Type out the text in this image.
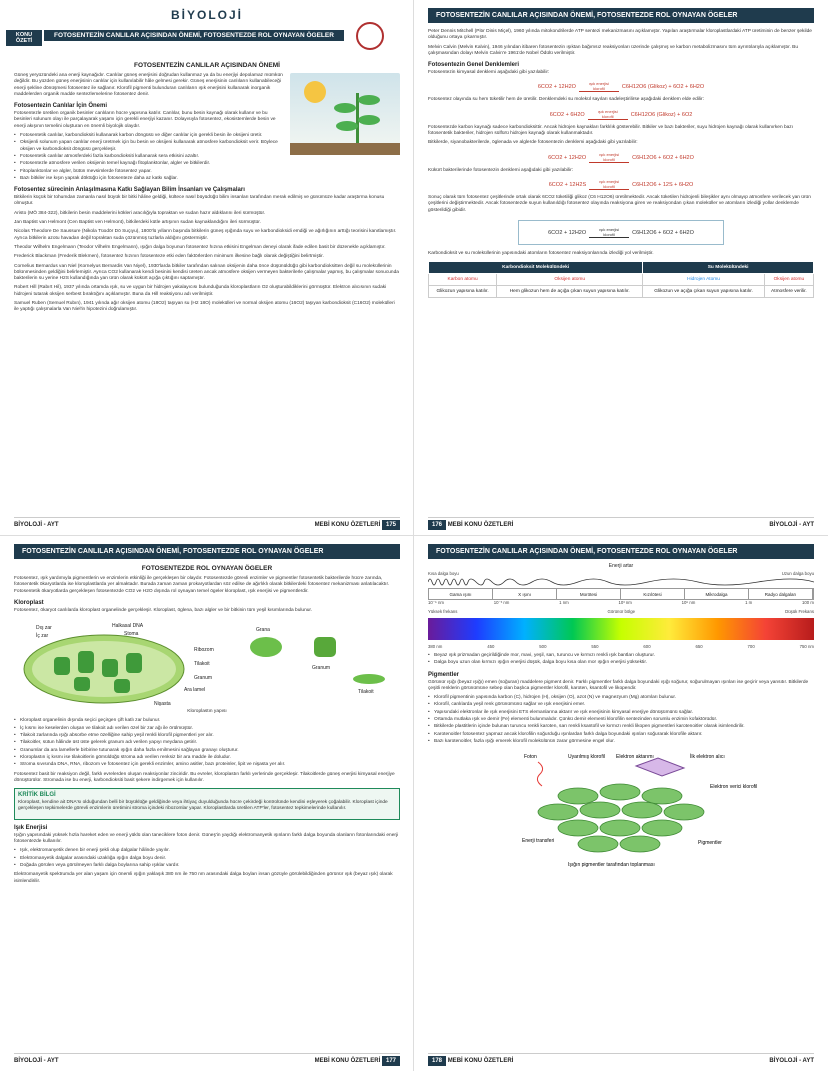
BİYOLOJİ
KONU ÖZETİ
FOTOSENTEZİN CANLILAR AÇISINDAN ÖNEMİ, FOTOSENTEZDE ROL OYNAYAN ÖGELER
FOTOSENTEZİN CANLILAR AÇISINDAN ÖNEMİ

Güneş yeryüzündeki ana enerji kaynağıdır. Canlılar güneş enerjisini doğrudan kullanmaz ya da bu enerjiyi depolamaz mümkün değildir. Bu yüzden güneş enerjisinin canlılar için kullanılabilir hâle gelmesi gerekir. Güneş enerjisinin canlıların kullanabileceği enerji şekline dönüşmesi fotosentez ile sağlanır. Klorofil pigmenti bulunduran canlıların ışık enerjisini kullanarak inorganik maddelerden organik madde sentezlemelerine fotosentez denir.

Fotosentezin Canlılar İçin Önemi

Fotosentezle üretilen organik besinler canlıların hücre yapısına katılır. Canlılar, bunu besin kaynağı olarak kullanır ve bu besinleri solunum olayı ile parçalayarak yaşamı için gerekli enerjiyi kazanır. Dolayısıyla fotosentez, ekosistemlerde besin ve enerji akışının temelini oluşturan en önemli biyolojik olaydır.

• Fotosentetik canlılar, karbondioksiti kullanarak karbon döngüsü ve diğer canlılar için gerekli besin ile oksijeni üretir.
• Oksijenli solunum yapan canlılar enerji üretmek için bu besin ve oksijeni kullanarak atmosfere karbondioksit verir. Böylece oksijen ve karbondioksit döngüsü gerçekleşir.
• Fotosentetik canlılar atmosferdeki fazla karbondioksiti kullanarak sera etkisini azaltır.
• Fotosentezle atmosfere verilen oksijenin temel kaynağı fitoplanktonlar, algler ve bitkilerdir.
• Fitoplanktonlar ve algler, bütün mevsimlerde fotosentez yapar.
• Bazı bitkiler ise kışın yaprak döktüğü için fotosenteze daha az katkı sağlar.
Fotosentez sürecinin Anlaşılmasına Katkı Sağlayan Bilim İnsanları ve Çalışmaları

Bitkilerin küçük bir tohumdan zamanla nasıl büyük bir bitki hâline geldiği, kültece nasıl büyüdüğü bilim insanları tarafından merak edilmiş ve günümüze kadar araştırma konusu olmuştur.

Aristo (MÖ 384-322), bitkilerin besin maddelerini kökleri aracılığıyla topraktan ve sudan hazır aldıklarını ileri sürmüştür.

Jan Baptist van Helmont (Cen Baptist ven Helmont), bitkilerdeki kütle artışının sudan kaynaklandığını ileri sürmüştür.

Nicolas Theodore De Saussure (Nikola Tüodör Dö Suçıyu), 1800'lü yılların başında bitkilerin güneş ışığında suyu ve karbondioksidi emdiği ve ağırlığının arttığı teorisini kanıtlamıştır. Ayrıca bitkilerin azotu havadan değil topraktan suda çözünmüş tuzlarla aldığını göstermiştir.

Theodor Wilhelm Engelmann (Teodor Vilhelm Engelmann), ışığın dalga boyunun fotosentez hızına etkisini Engelman deneyi olarak ifade edilen basit bir düzenekle açıklamıştır.

Frederick Blackman (Frederik Blekmen), fotosentez hızının fotosenteze etki eden faktörlerden minimum ilkesine bağlı olarak değiştiğini belirtmiştir.

Cornelius Bernardus van Niel (Kornelyus Bernardis Van Niyel), 1930'larda bitkiler tarafından salınan oksijenin daha önce düşünüldüğü gibi karbondioksitten değil su moleküllerinin bölünmesinden geldiğini belirlemiştir. Ayrıca CO2 kullanarak kendi besinini kendisi üreten ancak atmosfere oksijen vermeyen bakterilerle çalışmalar yapmış, bu çalışmalar sonucunda bakterilerin su yerine H2S kullandığında yan ürün olarak kükürt açığa çıktığını saptamıştır.

Robert Hill (Rabırt Hil), 1937 yılında ortamda ışık, su ve uygun bir hidrojen yakalayıcısı bulunduğunda kloroplastların O2 oluşturabildiklerini görmüştür. Elektron alıcısının sudaki hidrojeni tutarak oksijen serbest bıraktığını açıklamıştır. Buna da Hill reaksiyonu adı verilmiştir.

Samuel Ruben (Semuel Rubın), 1941 yılında ağır oksijen atomu (18O2) taşıyan su (H2 18O) molekülleri ve normal oksijen atomu (16O2) taşıyan karbondioksit (C16O2) molekülleri ile yaptığı çalışmalarla Van Niel'in hipotezini doğrulamıştır.

BİYOLOJİ - AYT	MEBİ KONU ÖZETLERİ 175
FOTOSENTEZİN CANLILAR AÇISINDAN ÖNEMİ, FOTOSENTEZDE ROL OYNAYAN ÖGELER

Peter Dennis Mitchell (Pitır Dinis Miçel), 1960 yılında mitokondrilerde ATP sentezi mekanizmasını açıklamıştır. Yapılan araştırmalar kloroplastlardaki ATP üretiminin de benzer şekilde olduğunu ortaya çıkarmıştır.

Melvin Calvin (Melvin Kalvin), 1946 yılından itibaren fotosentezin ışıktan bağımsız reaksiyonları üzerinde çalışmış ve karbon metabolizmasını tüm ayrıntılarıyla açıklamıştır. Bu çalışmasından dolayı Melvin Calvin'e 1961'de Nobel Ödülü verilmiştir.

Fotosentezin Genel Denklemleri

Fotosentezin kimyasal denklemi aşağıdaki gibi yazılabilir:

6CO2 + 12H2Oışık enerjisi
klorofil	C6H12O6 (Glikoz) + 6O2 + 6H2O

Fotosentez olayında su hem tüketilir hem de üretilir. Denklemdeki su molekül sayıları sadeleştirilirse aşağıdaki denklem elde edilir:

6CO2 + 6H2Oışık enerjisi
klorofil	C6H12O6 (Glikoz) + 6O2

Fotosentezde karbon kaynağı sadece karbondioksittir. Ancak hidrojen kaynakları farklılık gösterebilir. Bitkiler ve bazı bakteriler, suyu hidrojen kaynağı olarak kullanırken bazı fotosentetik bakteriler, hidrojen sülfürü hidrojen kaynağı olarak kullanmaktadır.

Bitkilerde, siyanobakterilerde, öglenada ve alglerde fotosentezin denklemi aşağıdaki gibi yazılabilir:

6CO2 + 12H2Oışık enerjisi
klorofil	C6H12O6 + 6O2 + 6H2O

Kükürt bakterilerinde fotosentezin denklemi aşağıdaki gibi yazılabilir:

6CO2 + 12H2Sışık enerjisi
klorofil	C6H12O6 + 12S + 6H2O

Sonuç olarak tüm fotosentez çeşitlerinde ortak olarak 6CO2 tüketiliği glikoz (C6 H12O6) üretilmektedir. Ancak tüketilen hidrojenli bileşikler aynı olmayıp atmosfere verilecek yan ürün çeşitlerini değiştirmektedir. Ancak fotosentezde suyun kullanıldığı fotosentez olayında reaksiyona giren ve reaksiyondan çıkan moleküller ve atomların izlediği yollar denklemde gösterildiği gibidir.

6CO2 + 12H2Oışık enerjisi
klorofil	C6H12O6 + 6O2 + 6H2O

Karbondioksit ve su moleküllerinin yapısındaki atomların fotosentez reaksiyonlarında izlediği yol verilmiştir.

Karbondioksit Molekülündeki		Su Molekülündeki	
Karbon atomu	Oksijen atomu	Hidrojen Atomu	Oksijen atomu
Glikozun yapısına katılır.	Hem glikozun hem de açığa çıkan suyun yapısına katılır.	Glikozun ve açığa çıkan suyun yapısına katılır.	Atmosfere verilir.
176 MEBİ KONU ÖZETLERİ	BİYOLOJİ - AYT
FOTOSENTEZİN CANLILAR AÇISINDAN ÖNEMİ, FOTOSENTEZDE ROL OYNAYAN ÖGELER
FOTOSENTEZDE ROL OYNAYAN ÖGELER

Fotosentez, ışık yardımıyla pigmentlerin ve enzimlerin etkinliği ile gerçekleşen bir olaydır. Fotosentezde görevli enzimler ve pigmentler fotosentetik bakterilerde hücre zarında, fotosentetik ökaryotlarda ise kloroplastlarda yer almaktadır. Burada zaman zaman prokaryotlardan söz edilse de ağırlıklı olarak bitkilerdeki fotosentez mekanizması anlatılacaktır. Fotosentetik ökaryotlarda gerçekleşen fotosentezde CO2 ve H2O dışında rol oynayan temel ögeler kloroplast, ışık enerjisi ve pigmentlerdir.

Kloroplast

Fotosentez, ökaryot canlılarda kloroplast organelinde gerçekleşir. Kloroplast, öglena, bazı algler ve bir bitkinin tüm yeşil kısımlarında bulunur.

Dış zar
İç zar
Halkasal DNA
Stoma
Ribozom
Tilakoit
Granum
Ara lamel
Nişasta
Grana
Granum
Tilakoit
Kloroplastın yapısı
• Kloroplast organelinin dışında seçici geçirgen çift katlı zar bulunur.
• İç kısmı ise keselerden oluşan ve tilakoit adı verilen özel bir zar ağı ile örülmüştür.
• Tilakoit zarlarında ışığı absorbe etme özelliğine sahip yeşil renkli klorofil pigmentleri yer alır.
• Tilakoitler, sütun hâlinde üst üste gelerek granum adı verilen yapıyı meydana getirir.
• Granumlar da ara lamellerle birbirine tutunarak ışığın daha fazla emilmesini sağlayan granayı oluşturur.
• Kloroplastın iç kısmı ise tilakoitlerin gömüldüğü stroma adı verilen renksiz bir ara madde ile doludur.
• Stroma sıvısında DNA, RNA, ribozom ve fotosentez için gerekli enzimler, amino asitler, bazı proteinler, lipit ve nişasta yer alır.

Fotosentez basit bir reaksiyon değil, farklı evrelerden oluşan reaksiyonlar zinciridir. Bu evreler, kloroplastın farklı yerlerinde gerçekleşir. Tilakoitlerde güneş enerjisi kimyasal enerjiye dönüştürülür. Stromada ise bu enerji, karbondioksiti basit şekere indirgemek için kullanılır.

KRİTİK BİLGİ

Kloroplast, kendine ait DNA'sı olduğundan belli bir büyüklüğe geldiğinde veya ihtiyaç duyulduğunda hücre çekirdeği kontrolünde kendini eşleyerek çoğalabilir. Kloroplast içinde gerçekleşen tepkimelerde görevli enzimlerin üretimini stroma içindeki ribozomlar yapar. Kloroplastlarda üretilen ATP'ler, fotosentez tepkimelerinde kullanılır.

Işık Enerjisi

Işığın yapısındaki yüksek hızla hareket eden ve enerji yüklü olan taneciklere foton denir. Güneş'in yaydığı elektromanyetik ışınların farklı dalga boyunda olanların fotonlarındaki enerji fotosentezde kullanılır.

• Işık, elektromanyetik denen bir enerji şekli olup dalgalar hâlinde yayılır.
• Elektromanyetik dalgalar arasındaki uzaklığa ışığın dalga boyu denir.
• Doğada görülen veya görülmeyen farklı dalga boylarına sahip ışıklar vardır.

Elektromanyetik spektrumda yer alan yaşam için önemli ışığın yaklaşık 380 nm ile 750 nm arasındaki dalga boyları insan gözüyle görülebildiğinden görünür ışık (beyaz ışık) olarak isimlendirilir.

BİYOLOJİ - AYT	MEBİ KONU ÖZETLERİ 177
FOTOSENTEZİN CANLILAR AÇISINDAN ÖNEMİ, FOTOSENTEZDE ROL OYNAYAN ÖGELER
Enerji artar
Kısa dalga boyu	Uzun dalga boyu
Gama ışını	X ışını	Morötesi	Kızılötesi	Mikrodalga	Radyo dalgaları
10⁻⁵ nm	10⁻³ nm	1 nm	10³ nm	10⁶ nm	1 m	100 m
Yüksek frekans	Görünür bölge	Düşük Frekans
380 nm	450	500	550	600	650	700	750 nm
• Beyaz ışık prizmadan geçirildiğinde mor, mavi, yeşil, sarı, turuncu ve kırmızı renkli ışık bantları oluşturur.
• Dalga boyu uzun olan kırmızı ışığın enerjisi düşük, dalga boyu kısa olan mor ışığın enerjisi yüksektir.
Pigmentler

Görünür ışığı (beyaz ışığı) emen (soğuran) maddelere pigment denir. Farklı pigmentler farklı dalga boyundaki ışığı soğurur, soğurulmayan ışınları ise geçirir veya yansıtır. Bitkilerde çeşitli renklerin görünümüne sebep olan başlıca pigmentler klorofil, karoten, ksantofil ve likopendir.

• Klorofil pigmentinin yapısında karbon (C), hidrojen (H), oksijen (O), azot (N) ve magnezyum (Mg) atomları bulunur.
• Klorofil, canlılarda yeşil renk görünümünü sağlar ve ışık enerjisini emer.
• Yapısındaki elektronlar ile ışık enerjisini ETS elemanlarına aktarır ve ışık enerjisinin kimyasal enerjiye dönüşümünü sağlar.
• Ortamda mutlaka ışık ve demir (Fe) elementi bulunmalıdır. Çünkü demir elementi klorofilin sentezinden sorumlu enzimin kofaktörüdür.
• Bitkilerde plastitlerin içinde bulunan turuncu renkli karoten, sarı renkli ksantofil ve kırmızı renkli likopen pigmentleri karotenoitler olarak isimlendirilir.
• Karotenoitler fotosentez yapmaz ancak klorofilin soğurduğu ışınlardan farklı dalga boyundaki ışınları soğurarak klorofile aktarır.
• Bazı karotenoitler, fazla ışığı emerek klorofil molekülünün zarar görmesine engel olur.
Foton	Uyarılmış klorofil Elektron aktarımı	İlk elektron alıcı
Elektron verici klorofil
Enerji transferi	Pigmentler
Işığın pigmentler tarafından toplanması
178 MEBİ KONU ÖZETLERİ	BİYOLOJİ - AYT
